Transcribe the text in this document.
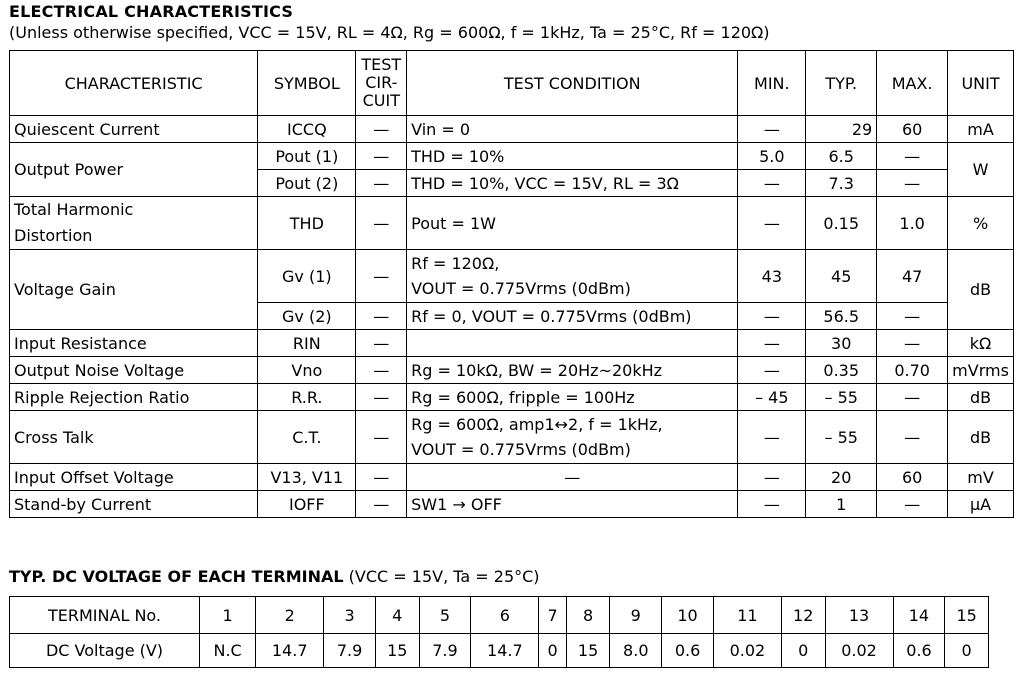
ELECTRICAL CHARACTERISTICS
(Unless otherwise specified, VCC = 15V, RL = 4Ω, Rg = 600Ω, f = 1kHz, Ta = 25°C, Rf = 120Ω)
CHARACTERISTIC	SYMBOL	TEST
CIR-
CUIT	TEST CONDITION	MIN.	TYP.	MAX.	UNIT
Quiescent Current	ICCQ	—	Vin = 0	—	29	60	mA
Output Power	Pout (1)	—	THD = 10%	5.0	6.5	—	W
	Pout (2)	—	THD = 10%, VCC = 15V, RL = 3Ω	—	7.3	—	

Total Harmonic
Distortion	THD	—	Pout = 1W	—	0.15	1.0	%
Voltage Gain	Gv (1)	—	Rf = 120Ω,
VOUT = 0.775Vrms (0dBm)	43	45	47	dB
	Gv (2)	—	Rf = 0, VOUT = 0.775Vrms (0dBm)	—	56.5	—	
Input Resistance	RIN	—		—	30	—	kΩ
Output Noise Voltage	Vno	—	Rg = 10kΩ, BW = 20Hz~20kHz	—	0.35	0.70	mVrms
Ripple Rejection Ratio	R.R.	—	Rg = 600Ω, fripple = 100Hz	– 45	– 55	—	dB
Cross Talk	C.T.	—	Rg = 600Ω, amp1↔2, f = 1kHz,
VOUT = 0.775Vrms (0dBm)	—	– 55	—	dB
Input Offset Voltage	V13, V11	—	—	—	20	60	mV
Stand-by Current	IOFF	—	SW1 → OFF	—	1	—	μA
TYP. DC VOLTAGE OF EACH TERMINAL (VCC = 15V, Ta = 25°C)
TERMINAL No.	1	2	3	4	5	6	7	8	9	10	11	12	13	14	15
DC Voltage (V)	N.C	14.7	7.9	15	7.9	14.7	0	15	8.0	0.6	0.02	0	0.02	0.6	0
